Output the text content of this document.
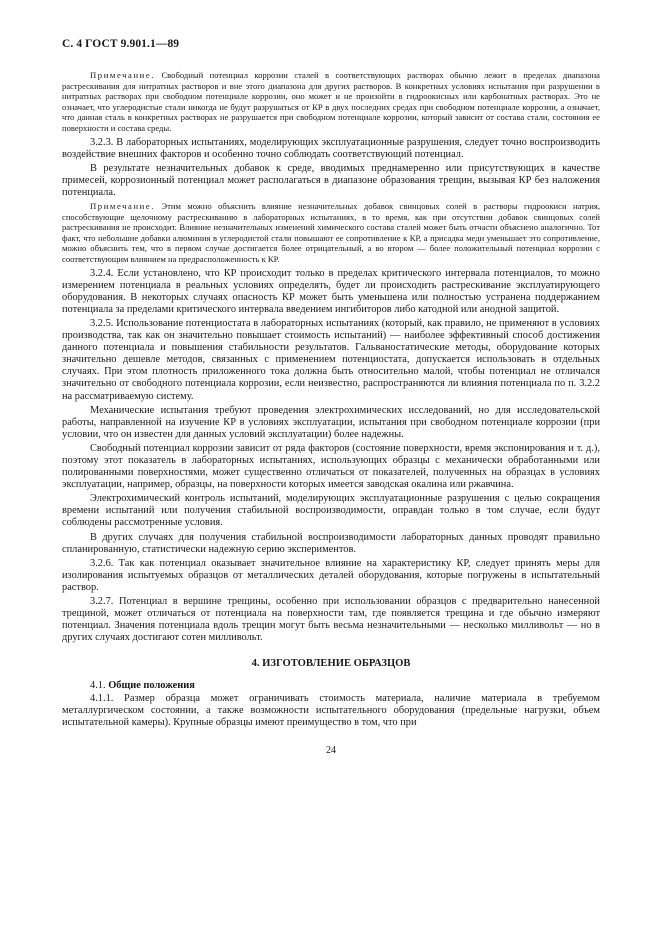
С. 4 ГОСТ 9.901.1—89

Примечание. Свободный потенциал коррозии сталей в соответствующих растворах обычно лежит в пределах диапазона растрескивания для нитратных растворов и вне этого диапазона для других растворов. В конкретных условиях испытания при разрушении в нитратных растворах при свободном потенциале коррозии, оно может и не произойти в гидроокисных или карбонатных растворах. Это не означает, что углеродистые стали никогда не будут разрушаться от КР в двух последних средах при свободном потенциале коррозии, а означает, что данная сталь в конкретных растворах не разрушается при свободном потенциале коррозии, который зависит от состава стали, состояния ее поверхности и состава среды.

3.2.3. В лабораторных испытаниях, моделирующих эксплуатационные разрушения, следует точно воспроизводить воздействие внешних факторов и особенно точно соблюдать соответствующий потенциал.

В результате незначительных добавок к среде, вводимых преднамеренно или присутствующих в качестве примесей, коррозионный потенциал может располагаться в диапазоне образования трещин, вызывая КР без наложения потенциала.

Примечание. Этим можно объяснить влияние незначительных добавок свинцовых солей в растворы гидроокиси натрия, способствующие щелочному растрескиванию в лабораторных испытаниях, в то время, как при отсутствии добавок свинцовых солей растрескивания не происходит. Влияние незначительных изменений химического состава сталей может быть отчасти объяснено аналогично. Тот факт, что небольшие добавки алюминия в углеродистой стали повышают ее сопротивление к КР, а присадка меди уменьшает это сопротивление, можно объяснить тем, что в первом случае достигается более отрицательный, а во втором — более положительный потенциал коррозии с соответствующим влиянием на предрасположенность к КР.

3.2.4. Если установлено, что КР происходит только в пределах критического интервала потенциалов, то можно измерением потенциала в реальных условиях определять, будет ли происходить растрескивание эксплуатирующего оборудования. В некоторых случаях опасность КР может быть уменьшена или полностью устранена поддержанием потенциала за пределами критического интервала введением ингибиторов либо катодной или анодной защитой.

3.2.5. Использование потенциостата в лабораторных испытаниях (который, как правило, не применяют в условиях производства, так как он значительно повышает стоимость испытаний) — наиболее эффективный способ достижения данного потенциала и повышения стабильности результатов. Гальваностатические методы, оборудование которых значительно дешевле методов, связанных с применением потенциостата, допускается использовать в отдельных случаях. При этом плотность приложенного тока должна быть относительно малой, чтобы потенциал не отличался значительно от свободного потенциала коррозии, если неизвестно, распространяются ли влияния потенциала по п. 3.2.2 на рассматриваемую систему.

Механические испытания требуют проведения электрохимических исследований, но для исследовательской работы, направленной на изучение КР в условиях эксплуатации, испытания при свободном потенциале коррозии (при условии, что он известен для данных условий эксплуатации) более надежны.

Свободный потенциал коррозии зависит от ряда факторов (состояние поверхности, время экспонирования и т. д.), поэтому этот показатель в лабораторных испытаниях, использующих образцы с механически обработанными или полированными поверхностями, может существенно отличаться от показателей, полученных на образцах в условиях эксплуатации, например, образцы, на поверхности которых имеется заводская окалина или ржавчина.

Электрохимический контроль испытаний, моделирующих эксплуатационные разрушения с целью сокращения времени испытаний или получения стабильной воспроизводимости, оправдан только в том случае, если будут соблюдены рассмотренные условия.

В других случаях для получения стабильной воспроизводимости лабораторных данных проводят правильно спланированную, статистически надежную серию экспериментов.

3.2.6. Так как потенциал оказывает значительное влияние на характеристику КР, следует принять меры для изолирования испытуемых образцов от металлических деталей оборудования, которые погружены в испытательный раствор.

3.2.7. Потенциал в вершине трещины, особенно при использовании образцов с предварительно нанесенной трещиной, может отличаться от потенциала на поверхности там, где появляется трещина и где обычно измеряют потенциал. Значения потенциала вдоль трещин могут быть весьма незначительными — несколько милливольт — но в других случаях достигают сотен милливольт.

4. ИЗГОТОВЛЕНИЕ ОБРАЗЦОВ

4.1. Общие положения

4.1.1. Размер образца может ограничивать стоимость материала, наличие материала в требуемом металлургическом состоянии, а также возможности испытательного оборудования (предельные нагрузки, объем испытательной камеры). Крупные образцы имеют преимущество в том, что при

24
